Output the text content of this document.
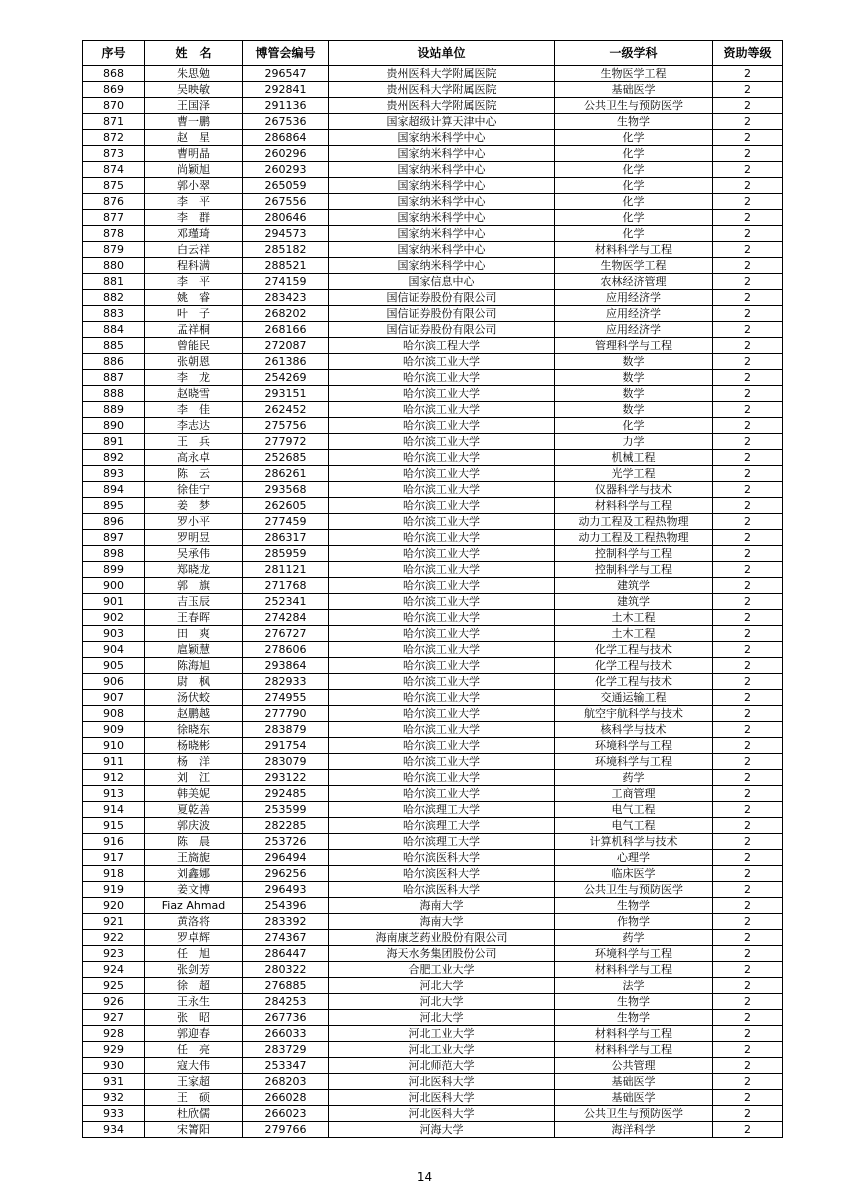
序号	姓　名	博管会编号	设站单位	一级学科	资助等级
868	朱思勉	296547	贵州医科大学附属医院	生物医学工程	2
869	吴映敏	292841	贵州医科大学附属医院	基础医学	2
870	王国泽	291136	贵州医科大学附属医院	公共卫生与预防医学	2
871	曹一鹏	267536	国家超级计算天津中心	生物学	2
872	赵　星	286864	国家纳米科学中心	化学	2
873	曹明晶	260296	国家纳米科学中心	化学	2
874	尚颖旭	260293	国家纳米科学中心	化学	2
875	郭小翠	265059	国家纳米科学中心	化学	2
876	李　平	267556	国家纳米科学中心	化学	2
877	李　群	280646	国家纳米科学中心	化学	2
878	邓瑾琦	294573	国家纳米科学中心	化学	2
879	白云祥	285182	国家纳米科学中心	材料科学与工程	2
880	程科满	288521	国家纳米科学中心	生物医学工程	2
881	李　平	274159	国家信息中心	农林经济管理	2
882	姚　睿	283423	国信证券股份有限公司	应用经济学	2
883	叶　子	268202	国信证券股份有限公司	应用经济学	2
884	孟祥桐	268166	国信证券股份有限公司	应用经济学	2
885	曾能民	272087	哈尔滨工程大学	管理科学与工程	2
886	张朝恩	261386	哈尔滨工业大学	数学	2
887	李　龙	254269	哈尔滨工业大学	数学	2
888	赵晓雪	293151	哈尔滨工业大学	数学	2
889	李　佳	262452	哈尔滨工业大学	数学	2
890	李志达	275756	哈尔滨工业大学	化学	2
891	王　兵	277972	哈尔滨工业大学	力学	2
892	高永卓	252685	哈尔滨工业大学	机械工程	2
893	陈　云	286261	哈尔滨工业大学	光学工程	2
894	徐佳宁	293568	哈尔滨工业大学	仪器科学与技术	2
895	姜　梦	262605	哈尔滨工业大学	材料科学与工程	2
896	罗小平	277459	哈尔滨工业大学	动力工程及工程热物理	2
897	罗明昱	286317	哈尔滨工业大学	动力工程及工程热物理	2
898	吴承伟	285959	哈尔滨工业大学	控制科学与工程	2
899	郑晓龙	281121	哈尔滨工业大学	控制科学与工程	2
900	郭　旗	271768	哈尔滨工业大学	建筑学	2
901	吉玉辰	252341	哈尔滨工业大学	建筑学	2
902	王春晖	274284	哈尔滨工业大学	土木工程	2
903	田　爽	276727	哈尔滨工业大学	土木工程	2
904	扈颖慧	278606	哈尔滨工业大学	化学工程与技术	2
905	陈海旭	293864	哈尔滨工业大学	化学工程与技术	2
906	尉　枫	282933	哈尔滨工业大学	化学工程与技术	2
907	汤伏蛟	274955	哈尔滨工业大学	交通运输工程	2
908	赵鹏越	277790	哈尔滨工业大学	航空宇航科学与技术	2
909	徐晓东	283879	哈尔滨工业大学	核科学与技术	2
910	杨晓彬	291754	哈尔滨工业大学	环境科学与工程	2
911	杨　洋	283079	哈尔滨工业大学	环境科学与工程	2
912	刘　江	293122	哈尔滨工业大学	药学	2
913	韩美妮	292485	哈尔滨工业大学	工商管理	2
914	夏乾善	253599	哈尔滨理工大学	电气工程	2
915	郭庆波	282285	哈尔滨理工大学	电气工程	2
916	陈　晨	253726	哈尔滨理工大学	计算机科学与技术	2
917	王旖旎	296494	哈尔滨医科大学	心理学	2
918	刘鑫娜	296256	哈尔滨医科大学	临床医学	2
919	姜文博	296493	哈尔滨医科大学	公共卫生与预防医学	2
920	Fiaz Ahmad	254396	海南大学	生物学	2
921	黄洛将	283392	海南大学	作物学	2
922	罗卓辉	274367	海南康芝药业股份有限公司	药学	2
923	任　旭	286447	海天水务集团股份公司	环境科学与工程	2
924	张剑芳	280322	合肥工业大学	材料科学与工程	2
925	徐　超	276885	河北大学	法学	2
926	王永生	284253	河北大学	生物学	2
927	张　昭	267736	河北大学	生物学	2
928	郭迎春	266033	河北工业大学	材料科学与工程	2
929	任　亮	283729	河北工业大学	材料科学与工程	2
930	寇大伟	253347	河北师范大学	公共管理	2
931	王家超	268203	河北医科大学	基础医学	2
932	王　硕	266028	河北医科大学	基础医学	2
933	杜欣儒	266023	河北医科大学	公共卫生与预防医学	2
934	宋箐阳	279766	河海大学	海洋科学	2
14
